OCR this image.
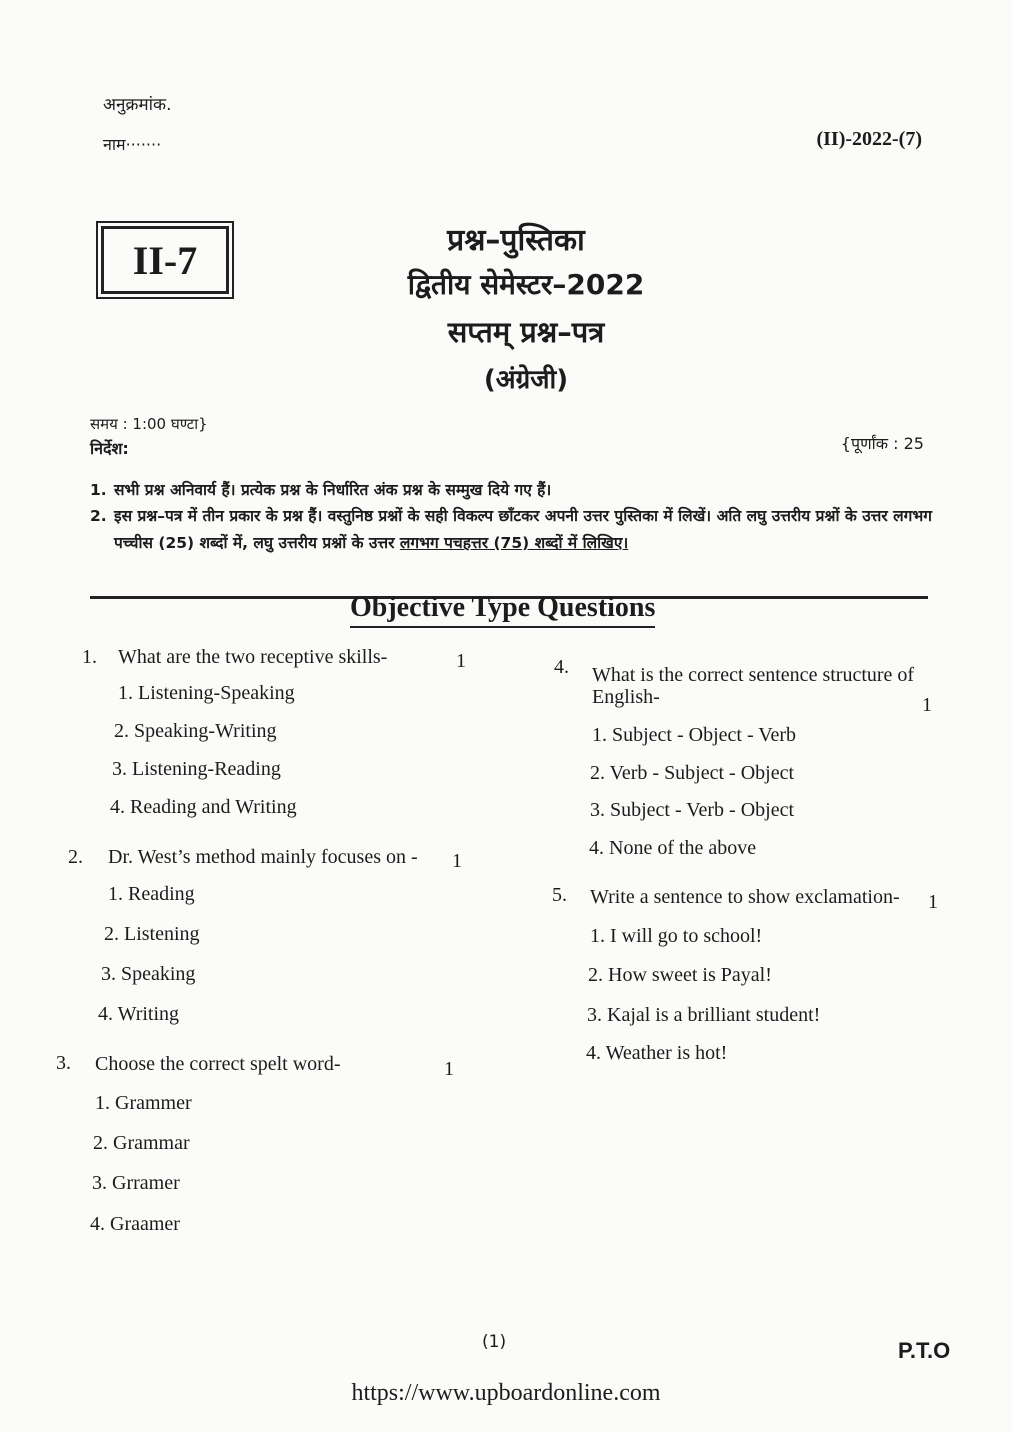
अनुक्रमांक.
नाम·······	(II)-2022-(7)
II-7	प्रश्न–पुस्तिका
द्वितीय सेमेस्टर–2022
सप्तम् प्रश्न–पत्र
(अंग्रेजी)
समय : 1:00 घण्टा}
निर्देश:	{पूर्णांक : 25
1. सभी प्रश्न अनिवार्य हैं। प्रत्येक प्रश्न के निर्धारित अंक प्रश्न के सम्मुख दिये गए हैं।
2. इस प्रश्न–पत्र में तीन प्रकार के प्रश्न हैं। वस्तुनिष्ठ प्रश्नों के सही विकल्प छाँटकर अपनी उत्तर पुस्तिका में लिखें। अति लघु उत्तरीय प्रश्नों के उत्तर लगभग पच्चीस (25) शब्दों में, लघु उत्तरीय प्रश्नों के उत्तर लगभग पचहत्तर (75) शब्दों में लिखिए।
Objective Type Questions
1. What are the two receptive skills-	1
1. Listening-Speaking
2. Speaking-Writing
3. Listening-Reading
4. Reading and Writing
2. Dr. West’s method mainly focuses on - 1
1. Reading
2. Listening
3. Speaking
4. Writing
3. Choose the correct spelt word-	1
1. Grammer
2. Grammar
3. Grramer
4. Graamer
4. What is the correct sentence structure of
English-	1
1. Subject - Object - Verb
2. Verb - Subject - Object
3. Subject - Verb - Object
4. None of the above
5. Write a sentence to show exclamation- 1
1. I will go to school!
2. How sweet is Payal!
3. Kajal is a brilliant student!
4. Weather is hot!
(1)	P.T.O
https://www.upboardonline.com
